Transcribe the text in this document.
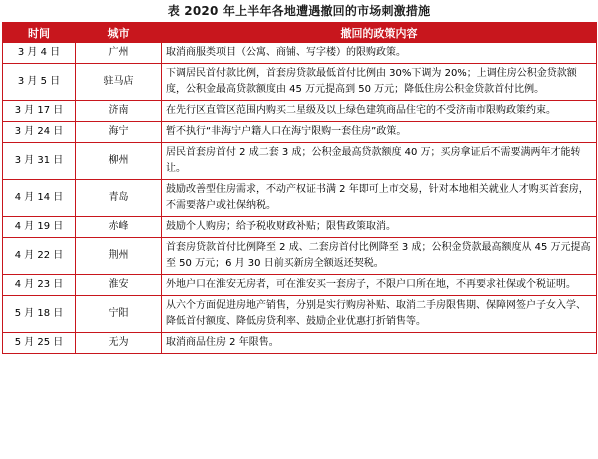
表 2020 年上半年各地遭遇撤回的市场刺激措施
时间	城市	撤回的政策内容
3 月 4 日	广州	取消商服类项目（公寓、商铺、写字楼）的限购政策。
3 月 5 日	驻马店	下调居民首付款比例，首套房贷款最低首付比例由 30%下调为 20%；上调住房公积金贷款额度，公积金最高贷款额度由 45 万元提高到 50 万元；降低住房公积金贷款首付比例。
3 月 17 日	济南	在先行区直管区范围内购买二星级及以上绿色建筑商品住宅的不受济南市限购政策约束。
3 月 24 日	海宁	暂不执行“非海宁户籍人口在海宁限购一套住房”政策。
3 月 31 日	柳州	居民首套房首付 2 成二套 3 成；公积金最高贷款额度 40 万；买房拿证后不需要满两年才能转让。
4 月 14 日	青岛	鼓励改善型住房需求，不动产权证书满 2 年即可上市交易，针对本地相关就业人才购买首套房，不需要落户或社保纳税。
4 月 19 日	赤峰	鼓励个人购房；给予税收财政补贴；限售政策取消。
4 月 22 日	荆州	首套房贷款首付比例降至 2 成、二套房首付比例降至 3 成；公积金贷款最高额度从 45 万元提高至 50 万元；6 月 30 日前买新房全额返还契税。
4 月 23 日	淮安	外地户口在淮安无房者，可在淮安买一套房子，不限户口所在地，不再要求社保或个税证明。
5 月 18 日	宁阳	从六个方面促进房地产销售，分别是实行购房补贴、取消二手房限售期、保障网签户子女入学、降低首付额度、降低房贷利率、鼓励企业优惠打折销售等。
5 月 25 日	无为	取消商品住房 2 年限售。
